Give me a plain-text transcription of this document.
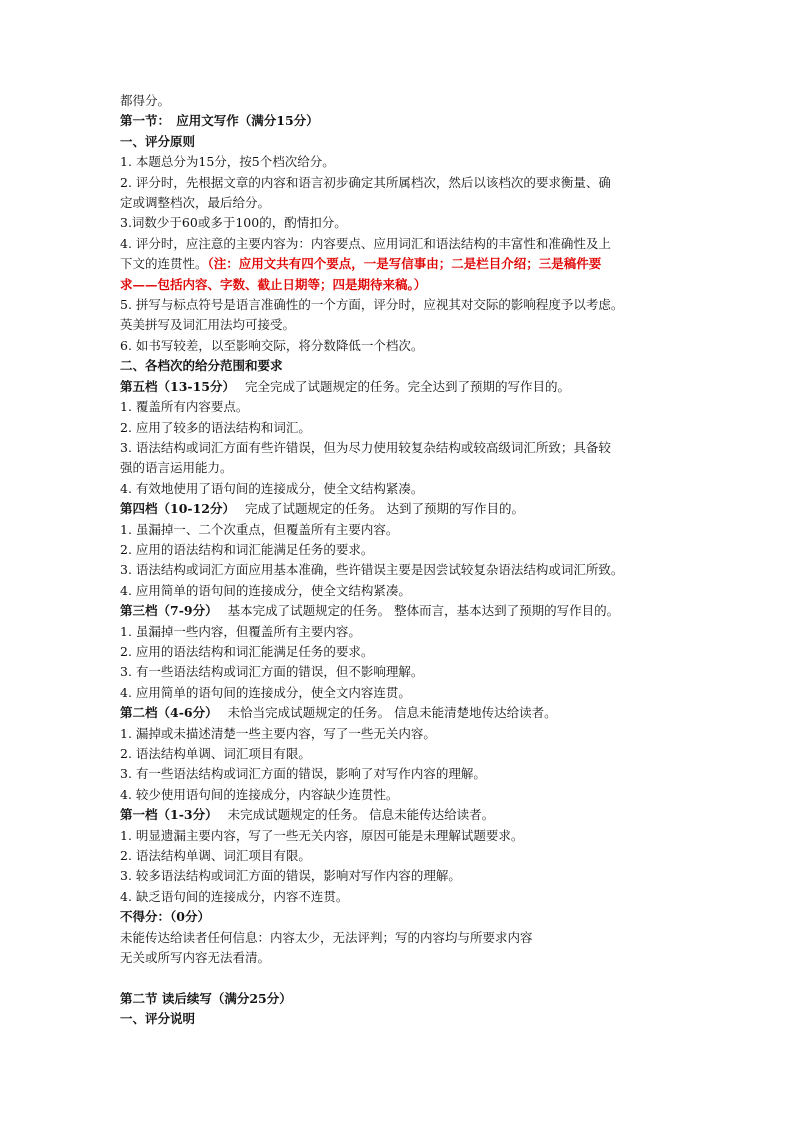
都得分。
第一节：　应用文写作（满分15分）
一、评分原则
1. 本题总分为15分，按5个档次给分。
2. 评分时，先根据文章的内容和语言初步确定其所属档次，然后以该档次的要求衡量、确
定或调整档次，最后给分。
3.词数少于60或多于100的，酌情扣分。
4. 评分时，应注意的主要内容为：内容要点、应用词汇和语法结构的丰富性和准确性及上
下文的连贯性。（注：应用文共有四个要点，一是写信事由；二是栏目介绍；三是稿件要
求——包括内容、字数、截止日期等；四是期待来稿。）
5. 拼写与标点符号是语言准确性的一个方面，评分时，应视其对交际的影响程度予以考虑。
英美拼写及词汇用法均可接受。
6. 如书写较差，以至影响交际，将分数降低一个档次。
二、各档次的给分范围和要求
第五档（13-15分） 完全完成了试题规定的任务。完全达到了预期的写作目的。
1. 覆盖所有内容要点。
2. 应用了较多的语法结构和词汇。
3. 语法结构或词汇方面有些许错误，但为尽力使用较复杂结构或较高级词汇所致；具备较
强的语言运用能力。
4. 有效地使用了语句间的连接成分，使全文结构紧凑。
第四档（10-12分） 完成了试题规定的任务。 达到了预期的写作目的。
1. 虽漏掉一、二个次重点，但覆盖所有主要内容。
2. 应用的语法结构和词汇能满足任务的要求。
3. 语法结构或词汇方面应用基本准确，些许错误主要是因尝试较复杂语法结构或词汇所致。
4. 应用简单的语句间的连接成分，使全文结构紧凑。
第三档（7-9分） 基本完成了试题规定的任务。 整体而言，基本达到了预期的写作目的。
1. 虽漏掉一些内容，但覆盖所有主要内容。
2. 应用的语法结构和词汇能满足任务的要求。
3. 有一些语法结构或词汇方面的错误，但不影响理解。
4. 应用简单的语句间的连接成分，使全文内容连贯。
第二档（4-6分） 未恰当完成试题规定的任务。 信息未能清楚地传达给读者。
1. 漏掉或未描述清楚一些主要内容，写了一些无关内容。
2. 语法结构单调、词汇项目有限。
3. 有一些语法结构或词汇方面的错误，影响了对写作内容的理解。
4. 较少使用语句间的连接成分，内容缺少连贯性。
第一档（1-3分） 未完成试题规定的任务。 信息未能传达给读者。
1. 明显遗漏主要内容，写了一些无关内容，原因可能是未理解试题要求。
2. 语法结构单调、词汇项目有限。
3. 较多语法结构或词汇方面的错误，影响对写作内容的理解。
4. 缺乏语句间的连接成分，内容不连贯。
不得分：（0分）
未能传达给读者任何信息：内容太少，无法评判；写的内容均与所要求内容
无关或所写内容无法看清。
第二节 读后续写（满分25分）
一、评分说明
